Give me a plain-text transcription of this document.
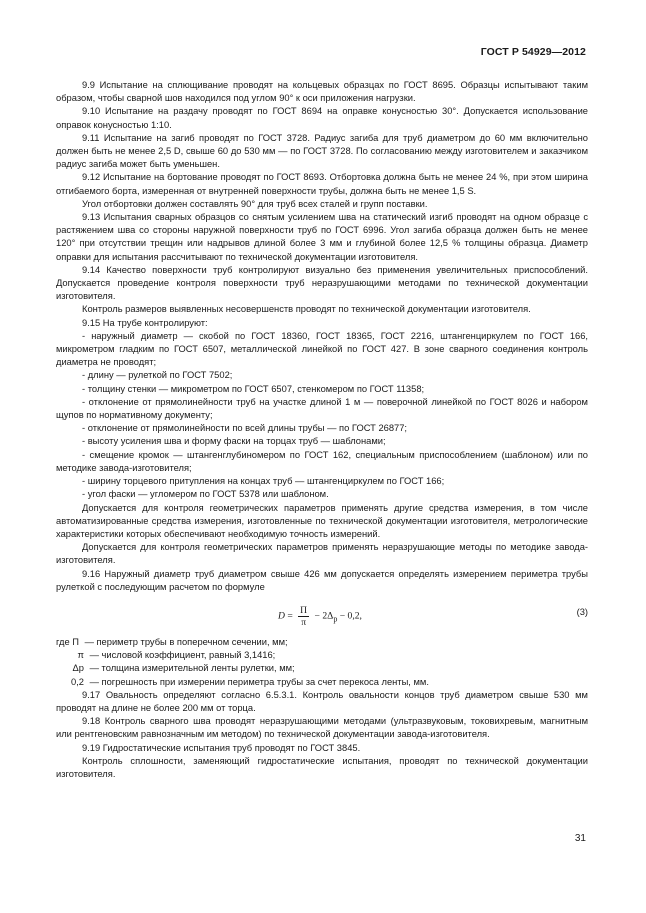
ГОСТ Р 54929—2012

9.9 Испытание на сплющивание проводят на кольцевых образцах по ГОСТ 8695. Образцы испытывают таким образом, чтобы сварной шов находился под углом 90° к оси приложения нагрузки.

9.10 Испытание на раздачу проводят по ГОСТ 8694 на оправке конусностью 30°. Допускается использование оправок конусностью 1:10.

9.11 Испытание на загиб проводят по ГОСТ 3728. Радиус загиба для труб диаметром до 60 мм включительно должен быть не менее 2,5 D, свыше 60 до 530 мм — по ГОСТ 3728. По согласованию между изготовителем и заказчиком радиус загиба может быть уменьшен.

9.12 Испытание на бортование проводят по ГОСТ 8693. Отбортовка должна быть не менее 24 %, при этом ширина отгибаемого борта, измеренная от внутренней поверхности трубы, должна быть не менее 1,5 S.

Угол отбортовки должен составлять 90° для труб всех сталей и групп поставки.

9.13 Испытания сварных образцов со снятым усилением шва на статический изгиб проводят на одном образце с растяжением шва со стороны наружной поверхности труб по ГОСТ 6996. Угол загиба образца должен быть не менее 120° при отсутствии трещин или надрывов длиной более 3 мм и глубиной более 12,5 % толщины образца. Диаметр оправки для испытания рассчитывают по технической документации изготовителя.

9.14 Качество поверхности труб контролируют визуально без применения увеличительных приспособлений. Допускается проведение контроля поверхности труб неразрушающими методами по технической документации изготовителя.

Контроль размеров выявленных несовершенств проводят по технической документации изготовителя.

9.15 На трубе контролируют:

- наружный диаметр — скобой по ГОСТ 18360, ГОСТ 18365, ГОСТ 2216, штангенциркулем по ГОСТ 166, микрометром гладким по ГОСТ 6507, металлической линейкой по ГОСТ 427. В зоне сварного соединения контроль диаметра не проводят;

- длину — рулеткой по ГОСТ 7502;

- толщину стенки — микрометром по ГОСТ 6507, стенкомером по ГОСТ 11358;

- отклонение от прямолинейности труб на участке длиной 1 м — поверочной линейкой по ГОСТ 8026 и набором щупов по нормативному документу;

- отклонение от прямолинейности по всей длины трубы — по ГОСТ 26877;

- высоту усиления шва и форму фаски на торцах труб — шаблонами;

- смещение кромок — штангенглубиномером по ГОСТ 162, специальным приспособлением (шаблоном) или по методике завода-изготовителя;

- ширину торцевого притупления на концах труб — штангенциркулем по ГОСТ 166;

- угол фаски — угломером по ГОСТ 5378 или шаблоном.

Допускается для контроля геометрических параметров применять другие средства измерения, в том числе автоматизированные средства измерения, изготовленные по технической документации изготовителя, метрологические характеристики которых обеспечивают необходимую точность измерений.

Допускается для контроля геометрических параметров применять неразрушающие методы по методике завода-изготовителя.

9.16 Наружный диаметр труб диаметром свыше 426 мм допускается определять измерением периметра трубы рулеткой с последующим расчетом по формуле

$D = \frac{П}{\pi} - 2\Delta_р - 0,2$,	(3)

где П — периметр трубы в поперечном сечении, мм;

π — числовой коэффициент, равный 3,1416;

Δр — толщина измерительной ленты рулетки, мм;

0,2 — погрешность при измерении периметра трубы за счет перекоса ленты, мм.

9.17 Овальность определяют согласно 6.5.3.1. Контроль овальности концов труб диаметром свыше 530 мм проводят на длине не более 200 мм от торца.

9.18 Контроль сварного шва проводят неразрушающими методами (ультразвуковым, токовихревым, магнитным или рентгеновским равнозначным им методом) по технической документации завода-изготовителя.

9.19 Гидростатические испытания труб проводят по ГОСТ 3845.

Контроль сплошности, заменяющий гидростатические испытания, проводят по технической документации изготовителя.

31
